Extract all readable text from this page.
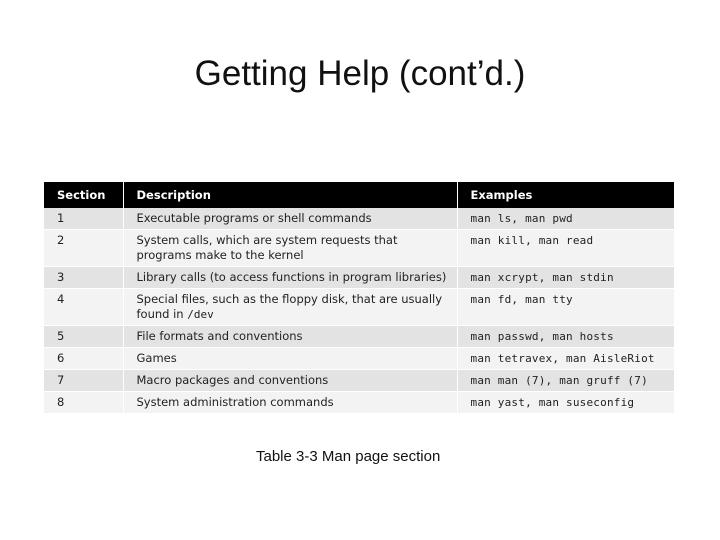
Getting Help (cont’d.)
Section	Description	Examples
1	Executable programs or shell commands	man ls, man pwd
2	System calls, which are system requests that programs make to the kernel	man kill, man read
3	Library calls (to access functions in program libraries)	man xcrypt, man stdin
4	Special files, such as the floppy disk, that are usually found in /dev	man fd, man tty
5	File formats and conventions	man passwd, man hosts
6	Games	man tetravex, man AisleRiot
7	Macro packages and conventions	man man (7), man gruff (7)
8	System administration commands	man yast, man suseconfig
Table 3-3 Man page section
